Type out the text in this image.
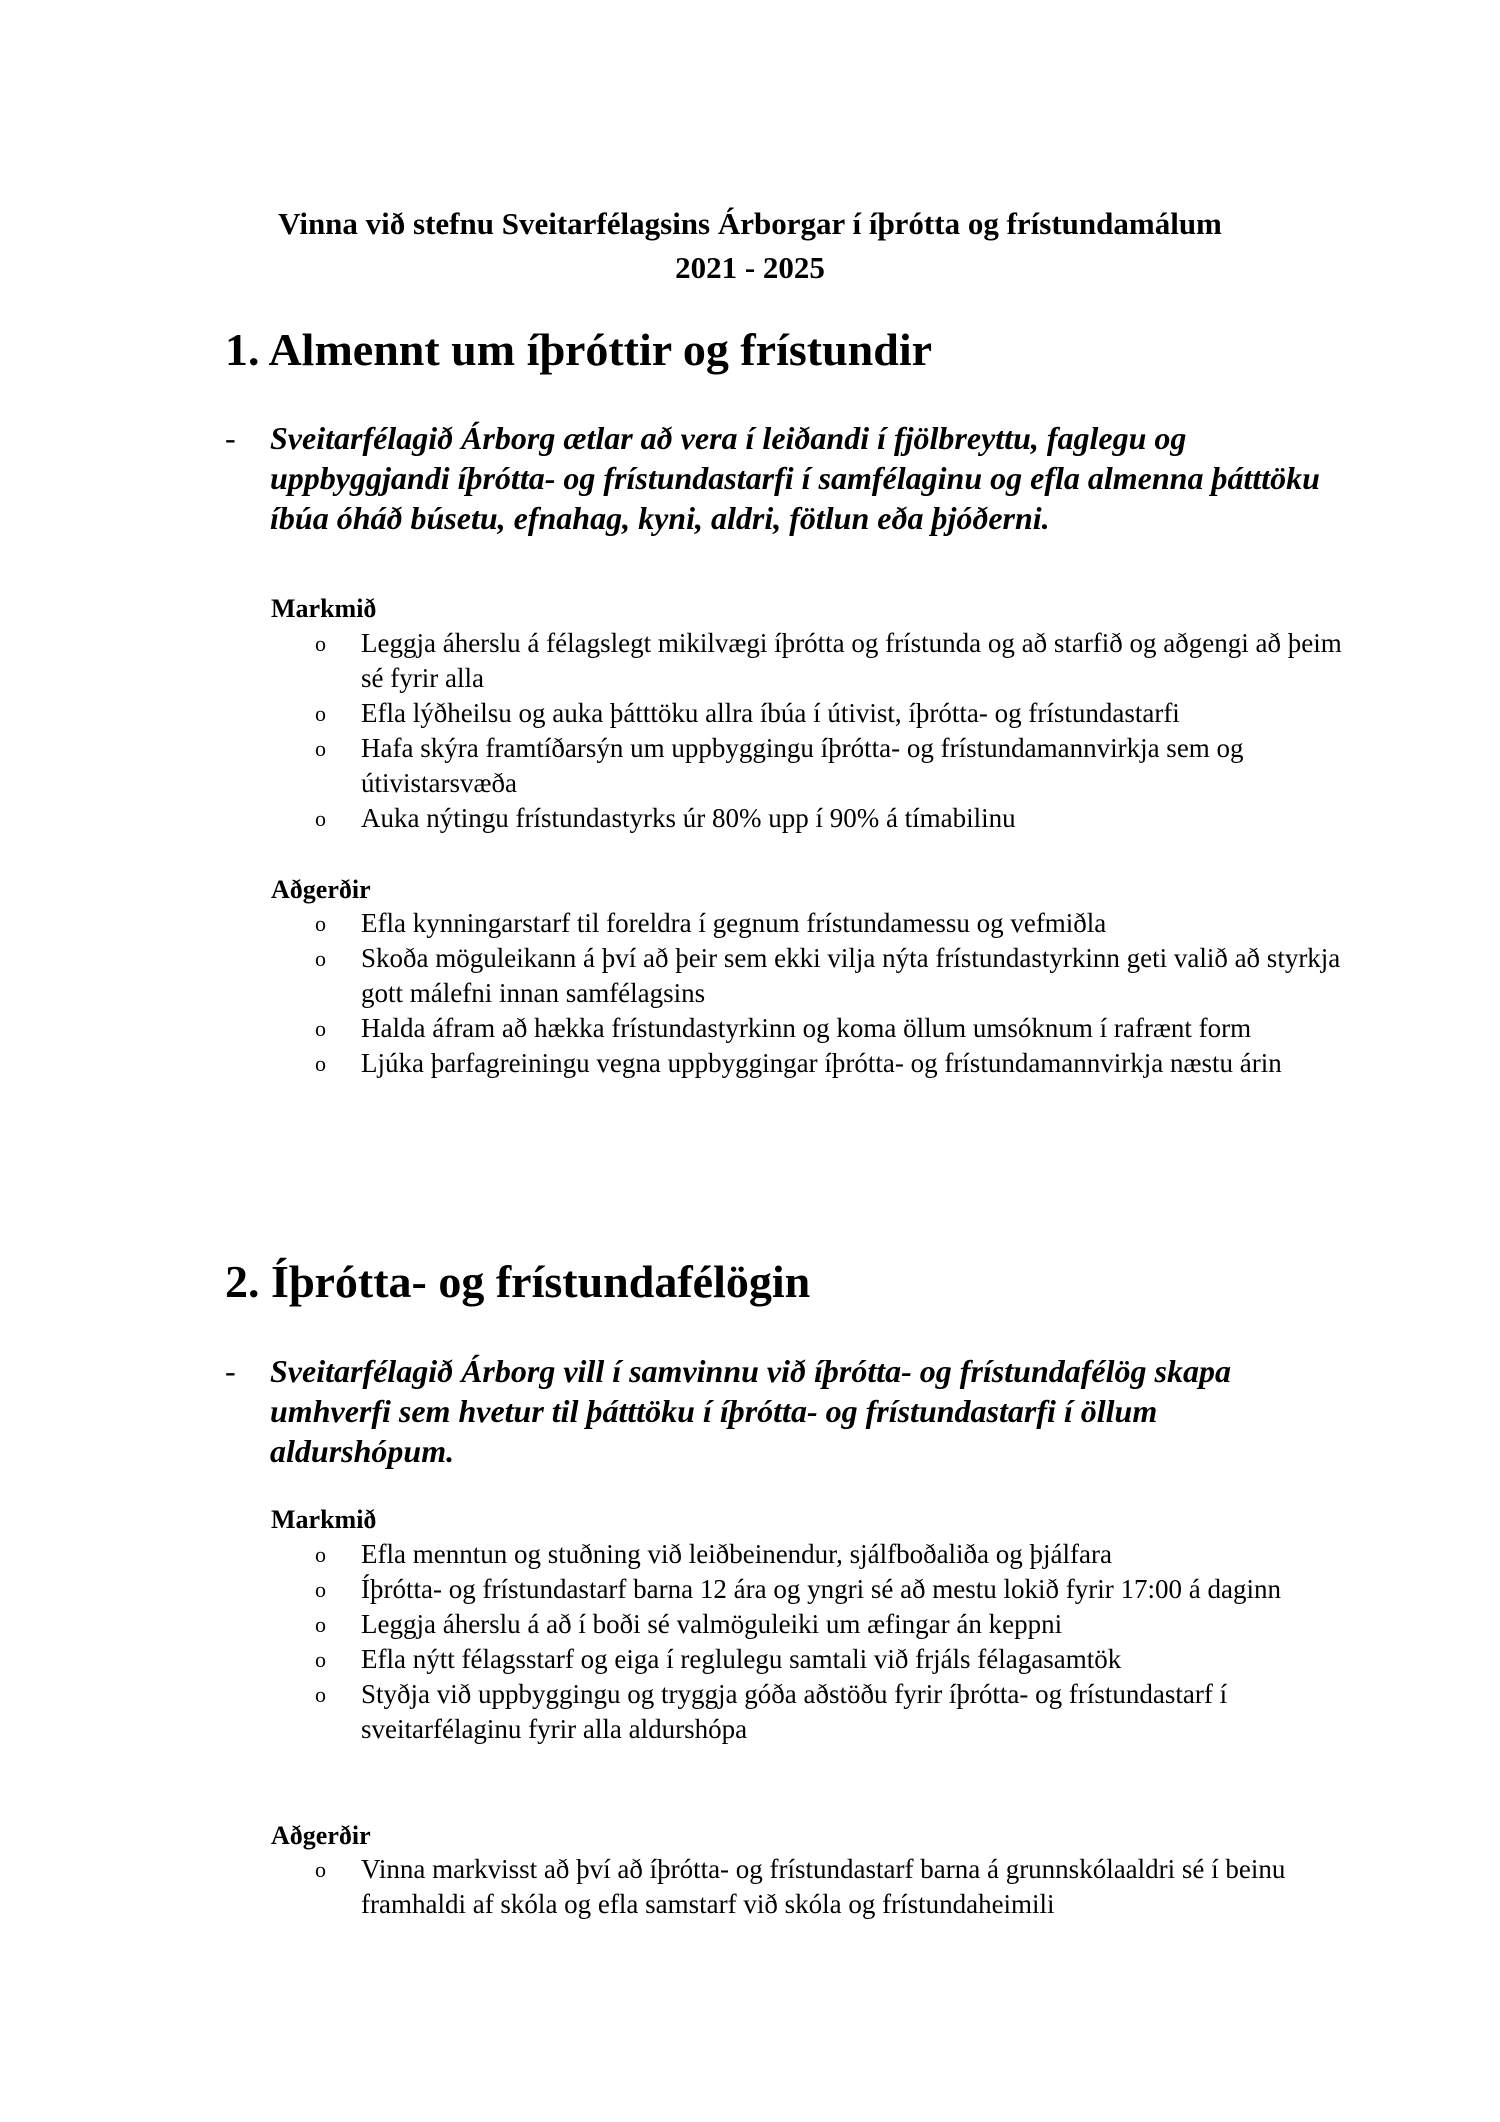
Vinna við stefnu Sveitarfélagsins Árborgar í íþrótta og frístundamálum
2021 - 2025
1. Almennt um íþróttir og frístundir
- Sveitarfélagið Árborg ætlar að vera í leiðandi í fjölbreyttu, faglegu og uppbyggjandi íþrótta- og frístundastarfi í samfélaginu og efla almenna þátttöku íbúa óháð búsetu, efnahag, kyni, aldri, fötlun eða þjóðerni.
Markmið
o Leggja áherslu á félagslegt mikilvægi íþrótta og frístunda og að starfið og aðgengi að þeim sé fyrir alla
o Efla lýðheilsu og auka þátttöku allra íbúa í útivist, íþrótta- og frístundastarfi
o Hafa skýra framtíðarsýn um uppbyggingu íþrótta- og frístundamannvirkja sem og útivistarsvæða
o Auka nýtingu frístundastyrks úr 80% upp í 90% á tímabilinu
Aðgerðir
o Efla kynningarstarf til foreldra í gegnum frístundamessu og vefmiðla
o Skoða möguleikann á því að þeir sem ekki vilja nýta frístundastyrkinn geti valið að styrkja gott málefni innan samfélagsins
o Halda áfram að hækka frístundastyrkinn og koma öllum umsóknum í rafrænt form
o Ljúka þarfagreiningu vegna uppbyggingar íþrótta- og frístundamannvirkja næstu árin
2. Íþrótta- og frístundafélögin
- Sveitarfélagið Árborg vill í samvinnu við íþrótta- og frístundafélög skapa umhverfi sem hvetur til þátttöku í íþrótta- og frístundastarfi í öllum aldurshópum.
Markmið
o Efla menntun og stuðning við leiðbeinendur, sjálfboðaliða og þjálfara
o Íþrótta- og frístundastarf barna 12 ára og yngri sé að mestu lokið fyrir 17:00 á daginn
o Leggja áherslu á að í boði sé valmöguleiki um æfingar án keppni
o Efla nýtt félagsstarf og eiga í reglulegu samtali við frjáls félagasamtök
o Styðja við uppbyggingu og tryggja góða aðstöðu fyrir íþrótta- og frístundastarf í sveitarfélaginu fyrir alla aldurshópa
Aðgerðir
o Vinna markvisst að því að íþrótta- og frístundastarf barna á grunnskólaaldri sé í beinu framhaldi af skóla og efla samstarf við skóla og frístundaheimili
